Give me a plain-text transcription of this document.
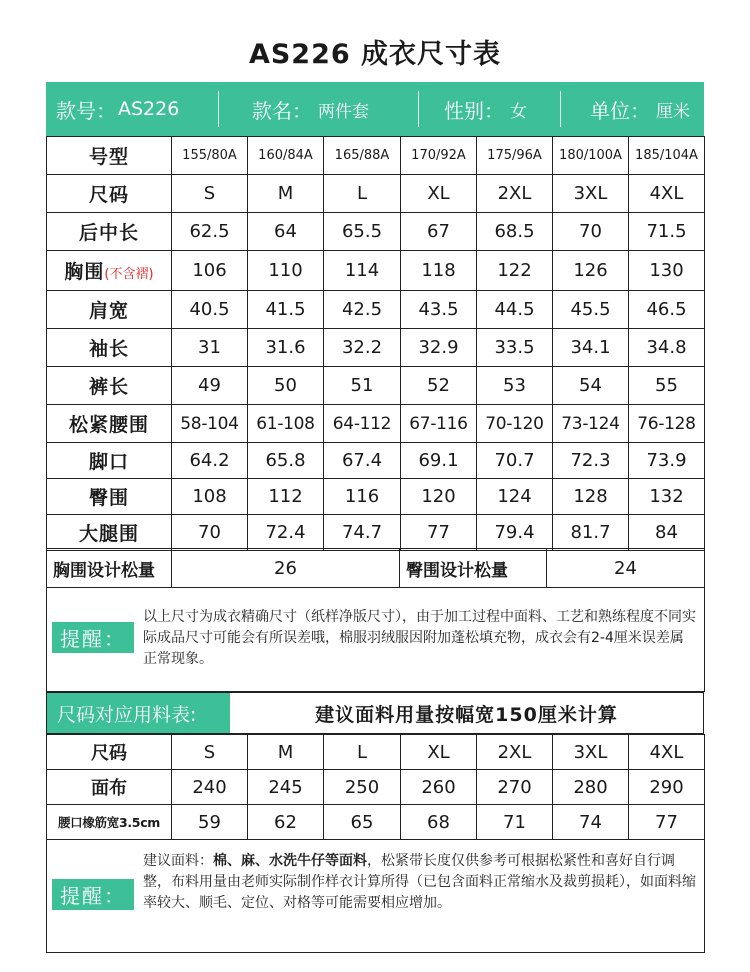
AS226 成衣尺寸表
款号： AS226	款名： 两件套	性别： 女	单位： 厘米
号型	155/80A	160/84A	165/88A	170/92A	175/96A	180/100A	185/104A
尺码	S	M	L	XL	2XL	3XL	4XL
后中长	62.5	64	65.5	67	68.5	70	71.5
胸围(不含褶)	106	110	114	118	122	126	130
肩宽	40.5	41.5	42.5	43.5	44.5	45.5	46.5
袖长	31	31.6	32.2	32.9	33.5	34.1	34.8
裤长	49	50	51	52	53	54	55
松紧腰围	58-104	61-108	64-112	67-116	70-120	73-124	76-128
脚口	64.2	65.8	67.4	69.1	70.7	72.3	73.9
臀围	108	112	116	120	124	128	132
大腿围	70	72.4	74.7	77	79.4	81.7	84
胸围设计松量	26	臀围设计松量	24
提醒：
以上尺寸为成衣精确尺寸（纸样净版尺寸），由于加工过程中面料、工艺和熟练程度不同实际成品尺寸可能会有所误差哦，棉服羽绒服因附加蓬松填充物，成衣会有2-4厘米误差属正常现象。
尺码对应用料表:	建议面料用量按幅宽150厘米计算
尺码	S	M	L	XL	2XL	3XL	4XL
面布	240	245	250	260	270	280	290
腰口橡筋宽3.5cm	59	62	65	68	71	74	77
提醒：
建议面料：棉、麻、水洗牛仔等面料，松紧带长度仅供参考可根据松紧性和喜好自行调整，布料用量由老师实际制作样衣计算所得（已包含面料正常缩水及裁剪损耗），如面料缩率较大、顺毛、定位、对格等可能需要相应增加。
